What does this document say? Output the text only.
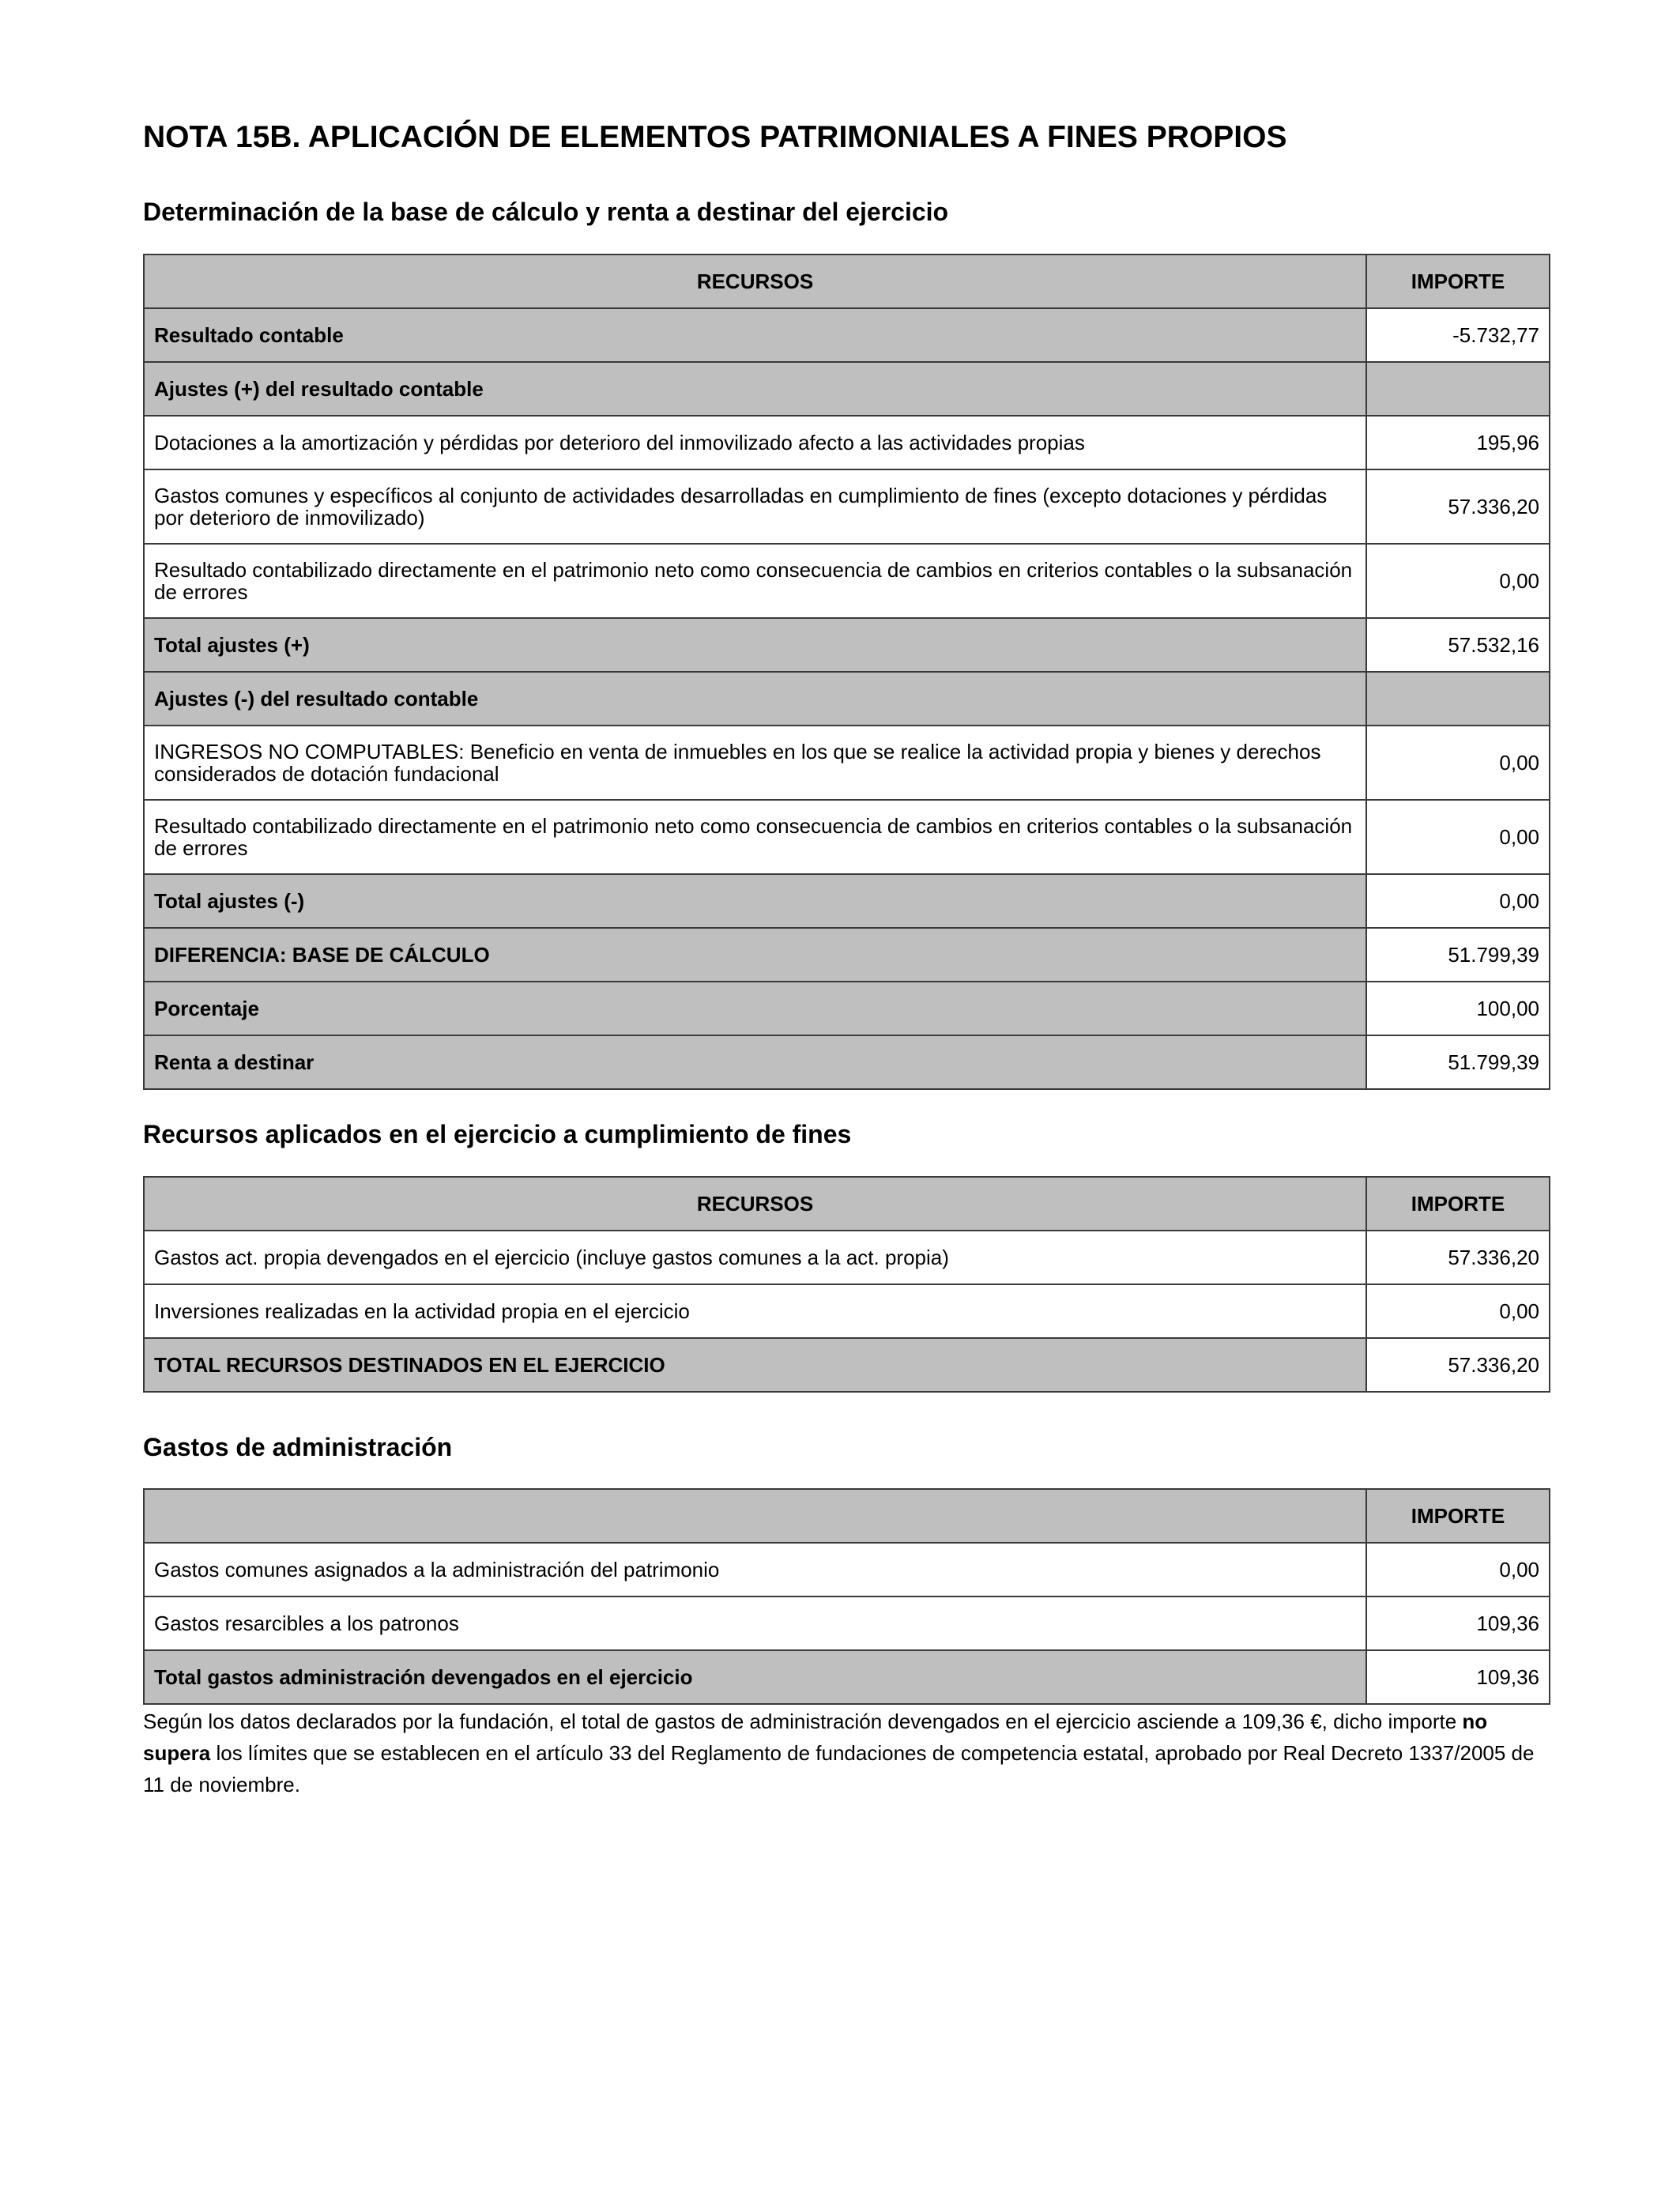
NOTA 15B. APLICACIÓN DE ELEMENTOS PATRIMONIALES A FINES PROPIOS
Determinación de la base de cálculo y renta a destinar del ejercicio
RECURSOS	IMPORTE
Resultado contable	-5.732,77
Ajustes (+) del resultado contable	
Dotaciones a la amortización y pérdidas por deterioro del inmovilizado afecto a las actividades propias	195,96
Gastos comunes y específicos al conjunto de actividades desarrolladas en cumplimiento de fines (excepto dotaciones y pérdidas por deterioro de inmovilizado)	57.336,20
Resultado contabilizado directamente en el patrimonio neto como consecuencia de cambios en criterios contables o la subsanación de errores	0,00
Total ajustes (+)	57.532,16
Ajustes (-) del resultado contable	
INGRESOS NO COMPUTABLES: Beneficio en venta de inmuebles en los que se realice la actividad propia y bienes y derechos considerados de dotación fundacional	0,00
Resultado contabilizado directamente en el patrimonio neto como consecuencia de cambios en criterios contables o la subsanación de errores	0,00
Total ajustes (-)	0,00
DIFERENCIA: BASE DE CÁLCULO	51.799,39
Porcentaje	100,00
Renta a destinar	51.799,39
Recursos aplicados en el ejercicio a cumplimiento de fines
RECURSOS	IMPORTE
Gastos act. propia devengados en el ejercicio (incluye gastos comunes a la act. propia)	57.336,20
Inversiones realizadas en la actividad propia en el ejercicio	0,00
TOTAL RECURSOS DESTINADOS EN EL EJERCICIO	57.336,20
Gastos de administración
	IMPORTE
Gastos comunes asignados a la administración del patrimonio	0,00
Gastos resarcibles a los patronos	109,36
Total gastos administración devengados en el ejercicio	109,36

Según los datos declarados por la fundación, el total de gastos de administración devengados en el ejercicio asciende a 109,36 €, dicho importe no supera los límites que se establecen en el artículo 33 del Reglamento de fundaciones de competencia estatal, aprobado por Real Decreto 1337/2005 de 11 de noviembre.
